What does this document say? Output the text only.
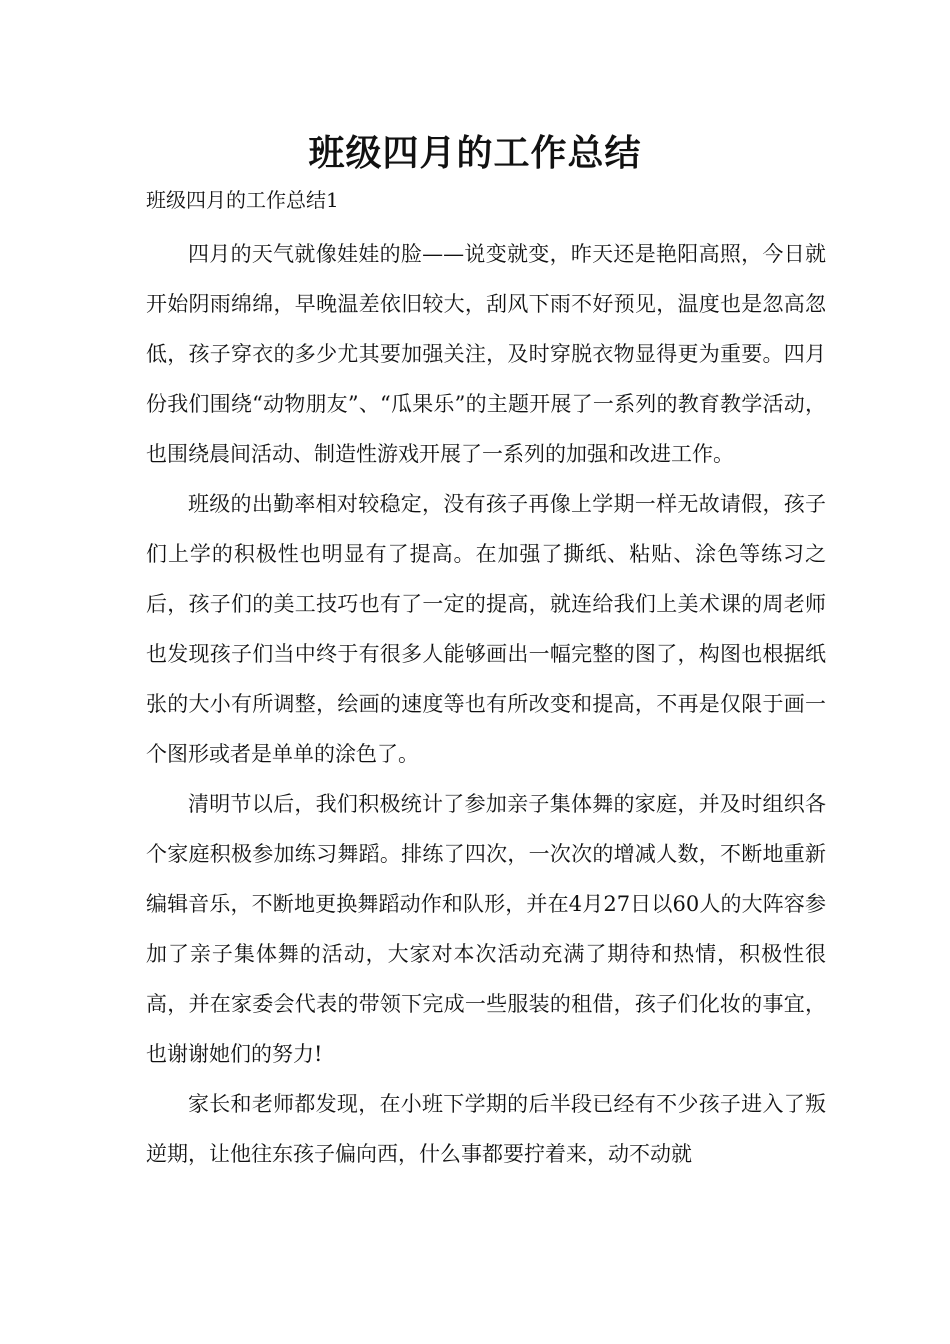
班级四月的工作总结

班级四月的工作总结1

四月的天气就像娃娃的脸——说变就变，昨天还是艳阳高照，今日就开始阴雨绵绵，早晚温差依旧较大，刮风下雨不好预见，温度也是忽高忽低，孩子穿衣的多少尤其要加强关注，及时穿脱衣物显得更为重要。四月份我们围绕“动物朋友”、“瓜果乐”的主题开展了一系列的教育教学活动，也围绕晨间活动、制造性游戏开展了一系列的加强和改进工作。

班级的出勤率相对较稳定，没有孩子再像上学期一样无故请假，孩子们上学的积极性也明显有了提高。在加强了撕纸、粘贴、涂色等练习之后，孩子们的美工技巧也有了一定的提高，就连给我们上美术课的周老师也发现孩子们当中终于有很多人能够画出一幅完整的图了，构图也根据纸张的大小有所调整，绘画的速度等也有所改变和提高，不再是仅限于画一个图形或者是单单的涂色了。

清明节以后，我们积极统计了参加亲子集体舞的家庭，并及时组织各个家庭积极参加练习舞蹈。排练了四次，一次次的增减人数，不断地重新编辑音乐，不断地更换舞蹈动作和队形，并在4月27日以60人的大阵容参加了亲子集体舞的活动，大家对本次活动充满了期待和热情，积极性很高，并在家委会代表的带领下完成一些服装的租借，孩子们化妆的事宜，也谢谢她们的努力!

家长和老师都发现，在小班下学期的后半段已经有不少孩子进入了叛逆期，让他往东孩子偏向西，什么事都要拧着来，动不动就
